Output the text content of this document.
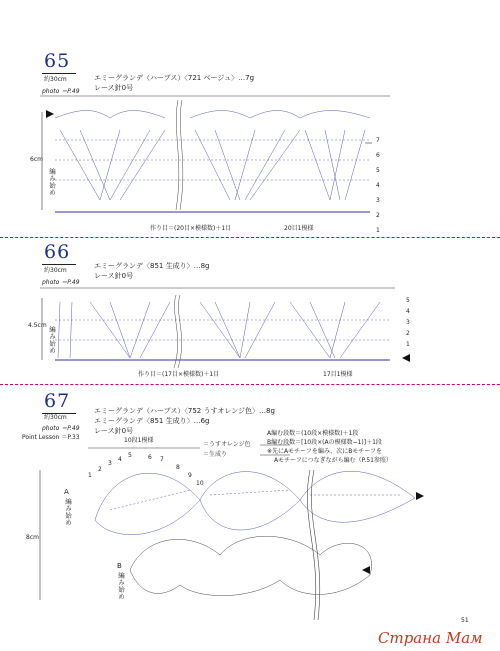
65
約30cm
photo ＝P.49
エミーグランデ（ハーブス）〈721 ベージュ〉…7g
レース針0号
6cm
編み始め
作り目＝(20目×模様数)＋1目	20目1模様
7
6
5
4
3
2
1
66
約30cm
photo ＝P.49
エミーグランデ〈851 生成り〉…8g
レース針0号
4.5cm
編み始め
作り目＝(17目×模様数)＋1目	17目1模様
5
4
3
2
1
67
約30cm
photo ＝P.49
Point Lesson ＝P.33
エミーグランデ（ハーブス）〈752 うすオレンジ色〉…8g
エミーグランデ〈851 生成り〉…6g
レース針0号
10段1模様
＝うすオレンジ色
＝生成り
A編む段数＝(10段×模様数)＋1段
B編む段数＝[10段×(Aの模様数−1)]＋1段
※先にAモチーフを編み、次にBモチーフを
Aモチーフにつなぎながら編む（P.51参照）
A
編み始め
B
編み始め
8cm
1
2
3
4
5	6 7
8
9
10
51
Страна Мам
